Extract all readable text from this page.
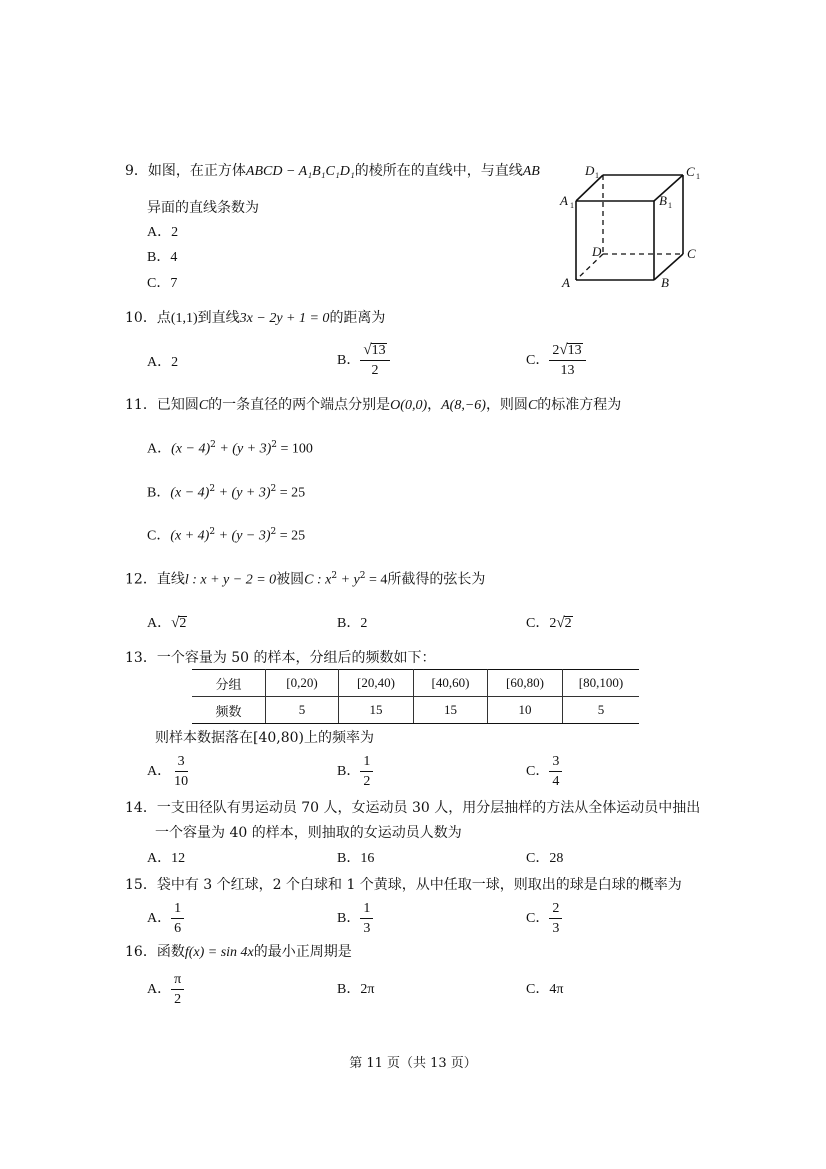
9．如图，在正方体ABCD − A₁B₁C₁D₁的棱所在的直线中，与直线AB
异面的直线条数为
A．2
B．4
C．7
D 1	C 1
A 1	B 1
D	C
A	B
10．点(1,1)到直线3x − 2y + 1 = 0的距离为
A．2	B． $\frac{√ 13}{2}$	C． $\frac{2 √ 13}{13}$
11．已知圆C的一条直径的两个端点分别是O(0,0)，A(8,−6)，则圆C的标准方程为
A．$(x - 4)^2 + (y + 3)^2 = 100$
B．$(x - 4)^2 + (y + 3)^2 = 25$
C．$(x + 4)^2 + (y - 3)^2 = 25$
12．直线l : x + y − 2 = 0被圆C : $x^2 + y^2 = 4$所截得的弦长为
A． √ 2	B．2	C．2 √ 2
13．一个容量为 50 的样本，分组后的频数如下：
分组	[0,20)	[20,40)	[40,60)	[60,80)	[80,100)
频数	5	15	15	10	5
则样本数据落在[40,80)上的频率为
A． $\frac{3}{10}$	B． $\frac{1}{2}$	C． $\frac{3}{4}$
14．一支田径队有男运动员 70 人，女运动员 30 人，用分层抽样的方法从全体运动员中抽出
一个容量为 40 的样本，则抽取的女运动员人数为
A．12	B．16	C．28
15．袋中有 3 个红球，2 个白球和 1 个黄球，从中任取一球，则取出的球是白球的概率为
A． $\frac{1}{6}$	B． $\frac{1}{3}$	C． $\frac{2}{3}$
16．函数f(x) = sin 4x的最小正周期是
A． $\frac{\pi}{2}$	B．2π	C．4π
第 11 页（共 13 页）
